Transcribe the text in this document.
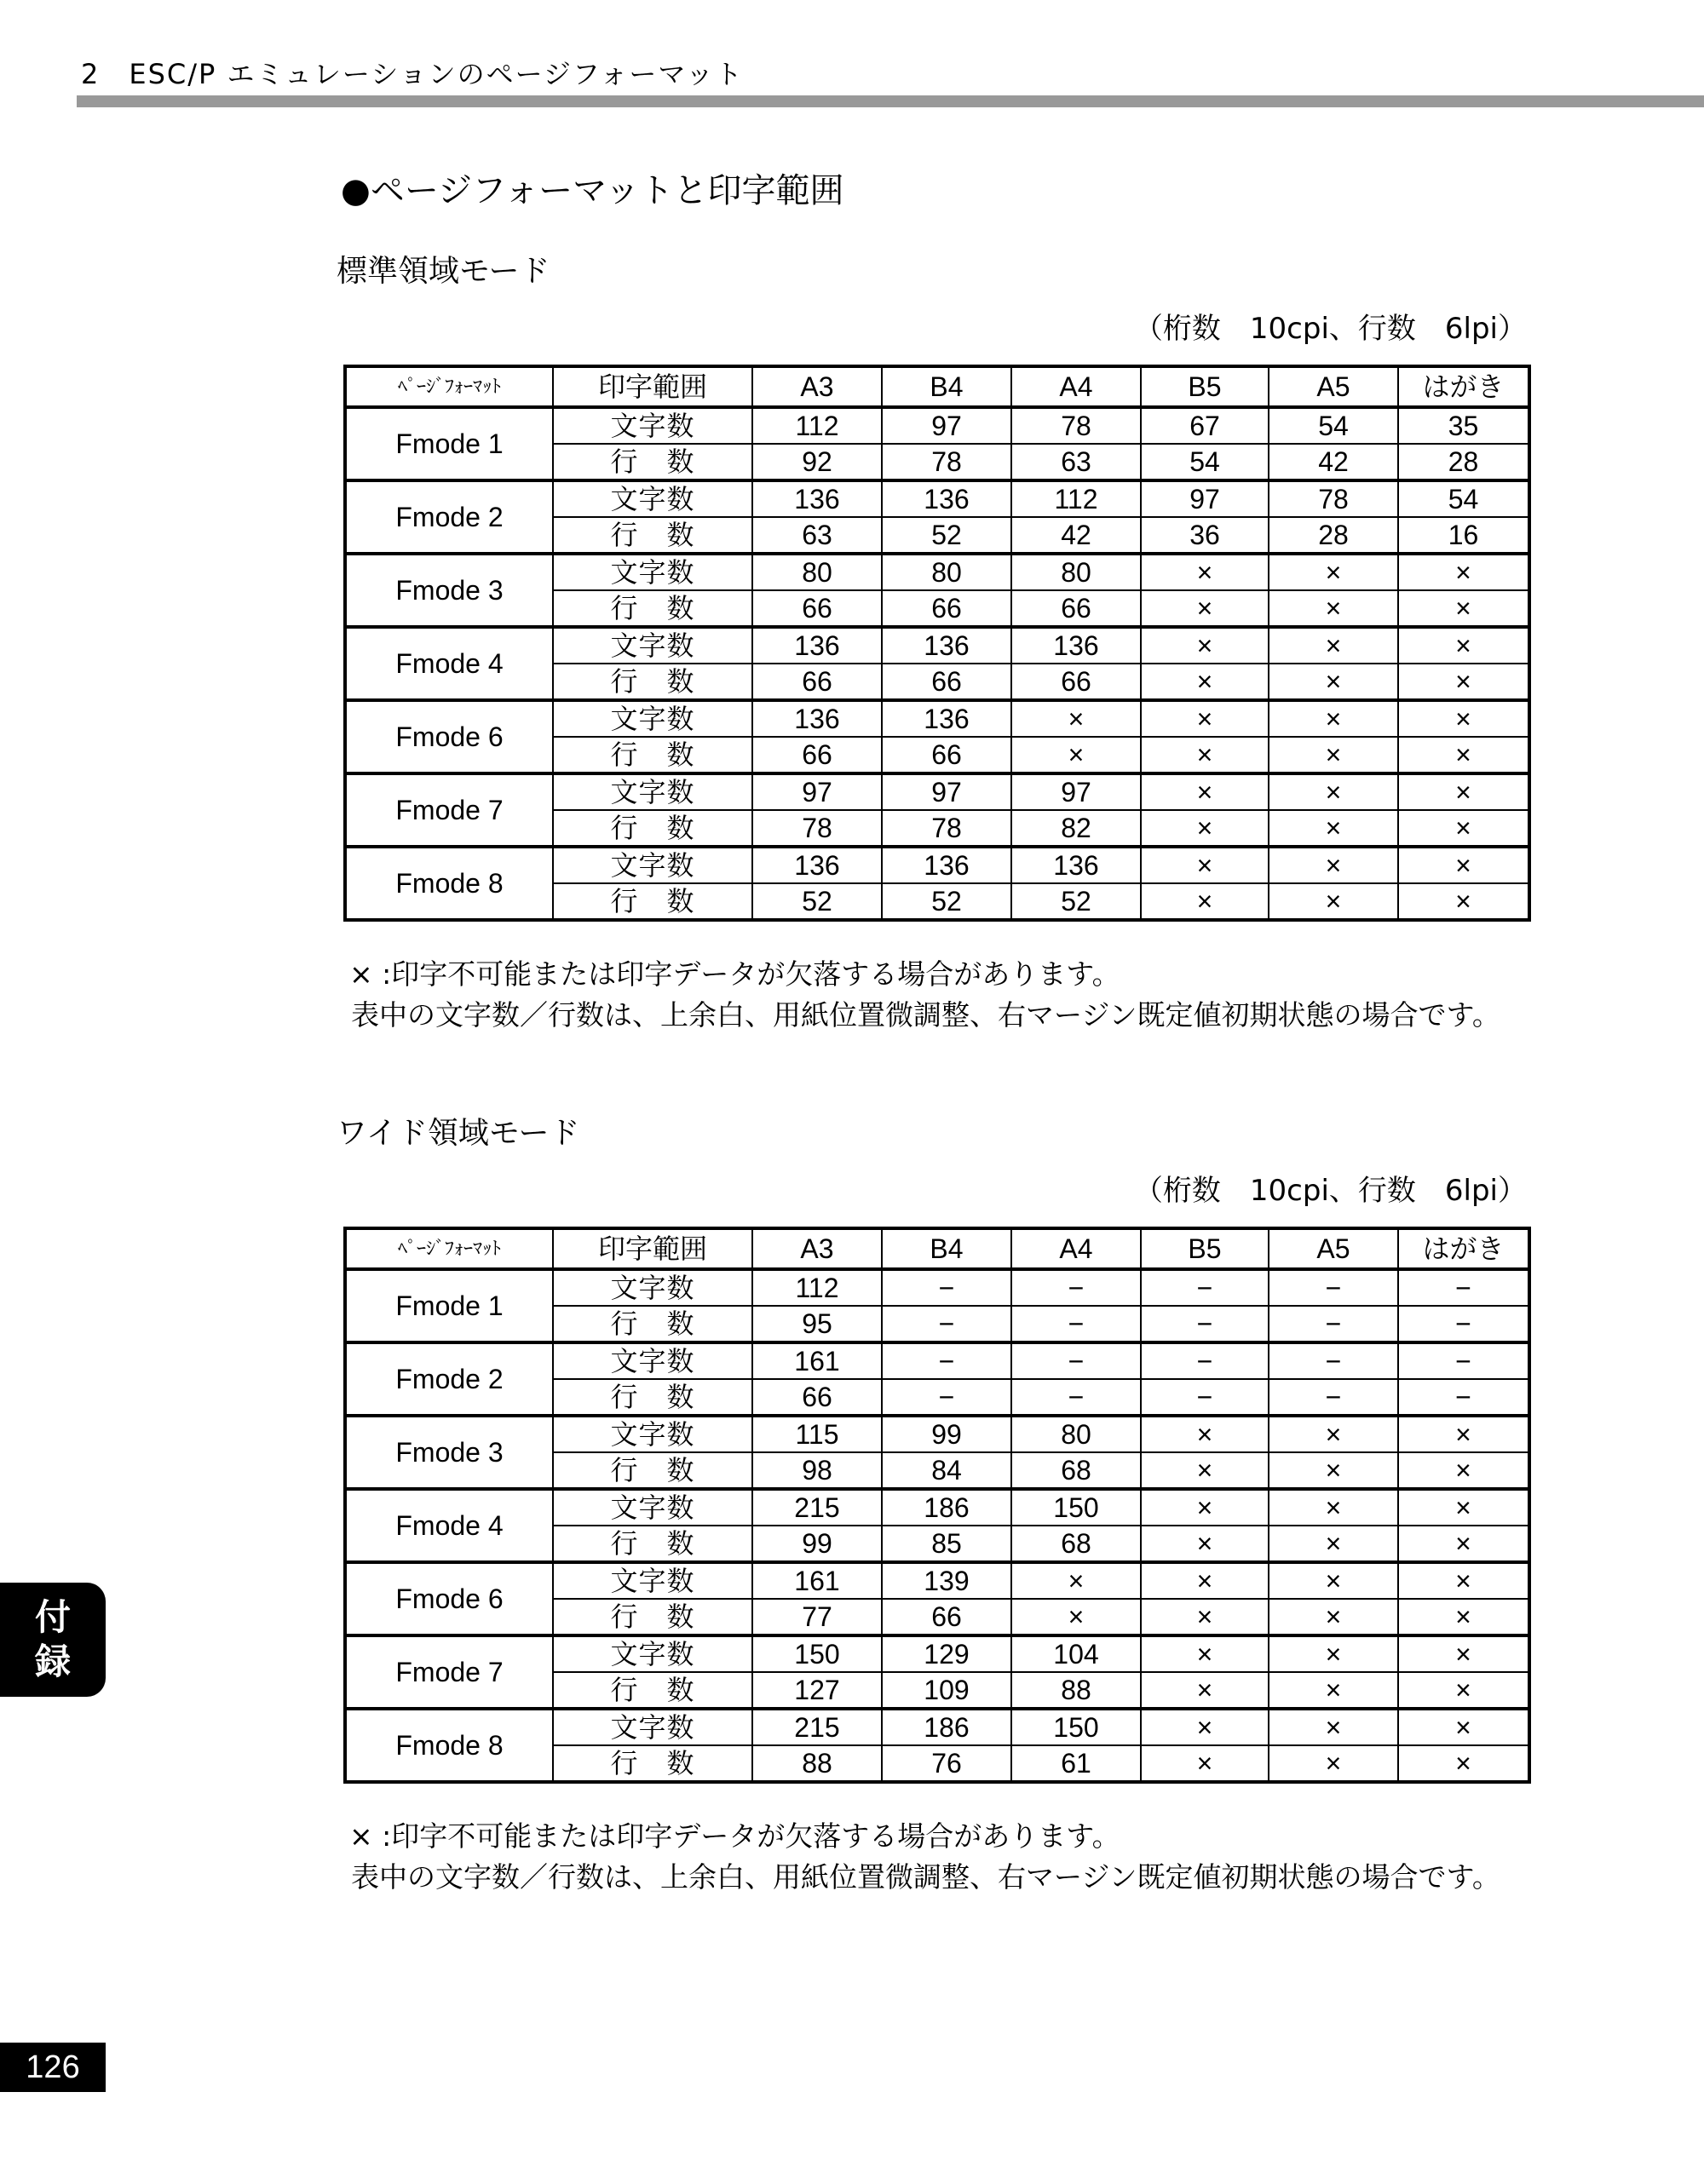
2　ESC/P エミュレーションのページフォーマット
●ページフォーマットと印字範囲
標準領域モード
（桁数　10cpi、行数　6lpi）
ﾍﾟｰｼﾞﾌｫｰﾏｯﾄ	印字範囲	A3	B4	A4	B5	A5	はがき
Fmode 1	文字数	112	97	78	67	54	35
	行　数	92	78	63	54	42	28
Fmode 2	文字数	136	136	112	97	78	54
	行　数	63	52	42	36	28	16
Fmode 3	文字数	80	80	80	×	×	×
	行　数	66	66	66	×	×	×
Fmode 4	文字数	136	136	136	×	×	×
	行　数	66	66	66	×	×	×
Fmode 6	文字数	136	136	×	×	×	×
	行　数	66	66	×	×	×	×
Fmode 7	文字数	97	97	97	×	×	×
	行　数	78	78	82	×	×	×
Fmode 8	文字数	136	136	136	×	×	×
	行　数	52	52	52	×	×	×
× :印字不可能または印字データが欠落する場合があります。
表中の文字数／行数は、上余白、用紙位置微調整、右マージン既定値初期状態の場合です。
ワイド領域モード
（桁数　10cpi、行数　6lpi）
ﾍﾟｰｼﾞﾌｫｰﾏｯﾄ	印字範囲	A3	B4	A4	B5	A5	はがき
Fmode 1	文字数	112	−	−	−	−	−
	行　数	95	−	−	−	−	−
Fmode 2	文字数	161	−	−	−	−	−
	行　数	66	−	−	−	−	−
Fmode 3	文字数	115	99	80	×	×	×
	行　数	98	84	68	×	×	×
Fmode 4	文字数	215	186	150	×	×	×
	行　数	99	85	68	×	×	×
Fmode 6	文字数	161	139	×	×	×	×
	行　数	77	66	×	×	×	×
Fmode 7	文字数	150	129	104	×	×	×
	行　数	127	109	88	×	×	×
Fmode 8	文字数	215	186	150	×	×	×
	行　数	88	76	61	×	×	×
× :印字不可能または印字データが欠落する場合があります。
表中の文字数／行数は、上余白、用紙位置微調整、右マージン既定値初期状態の場合です。
付
録
126
